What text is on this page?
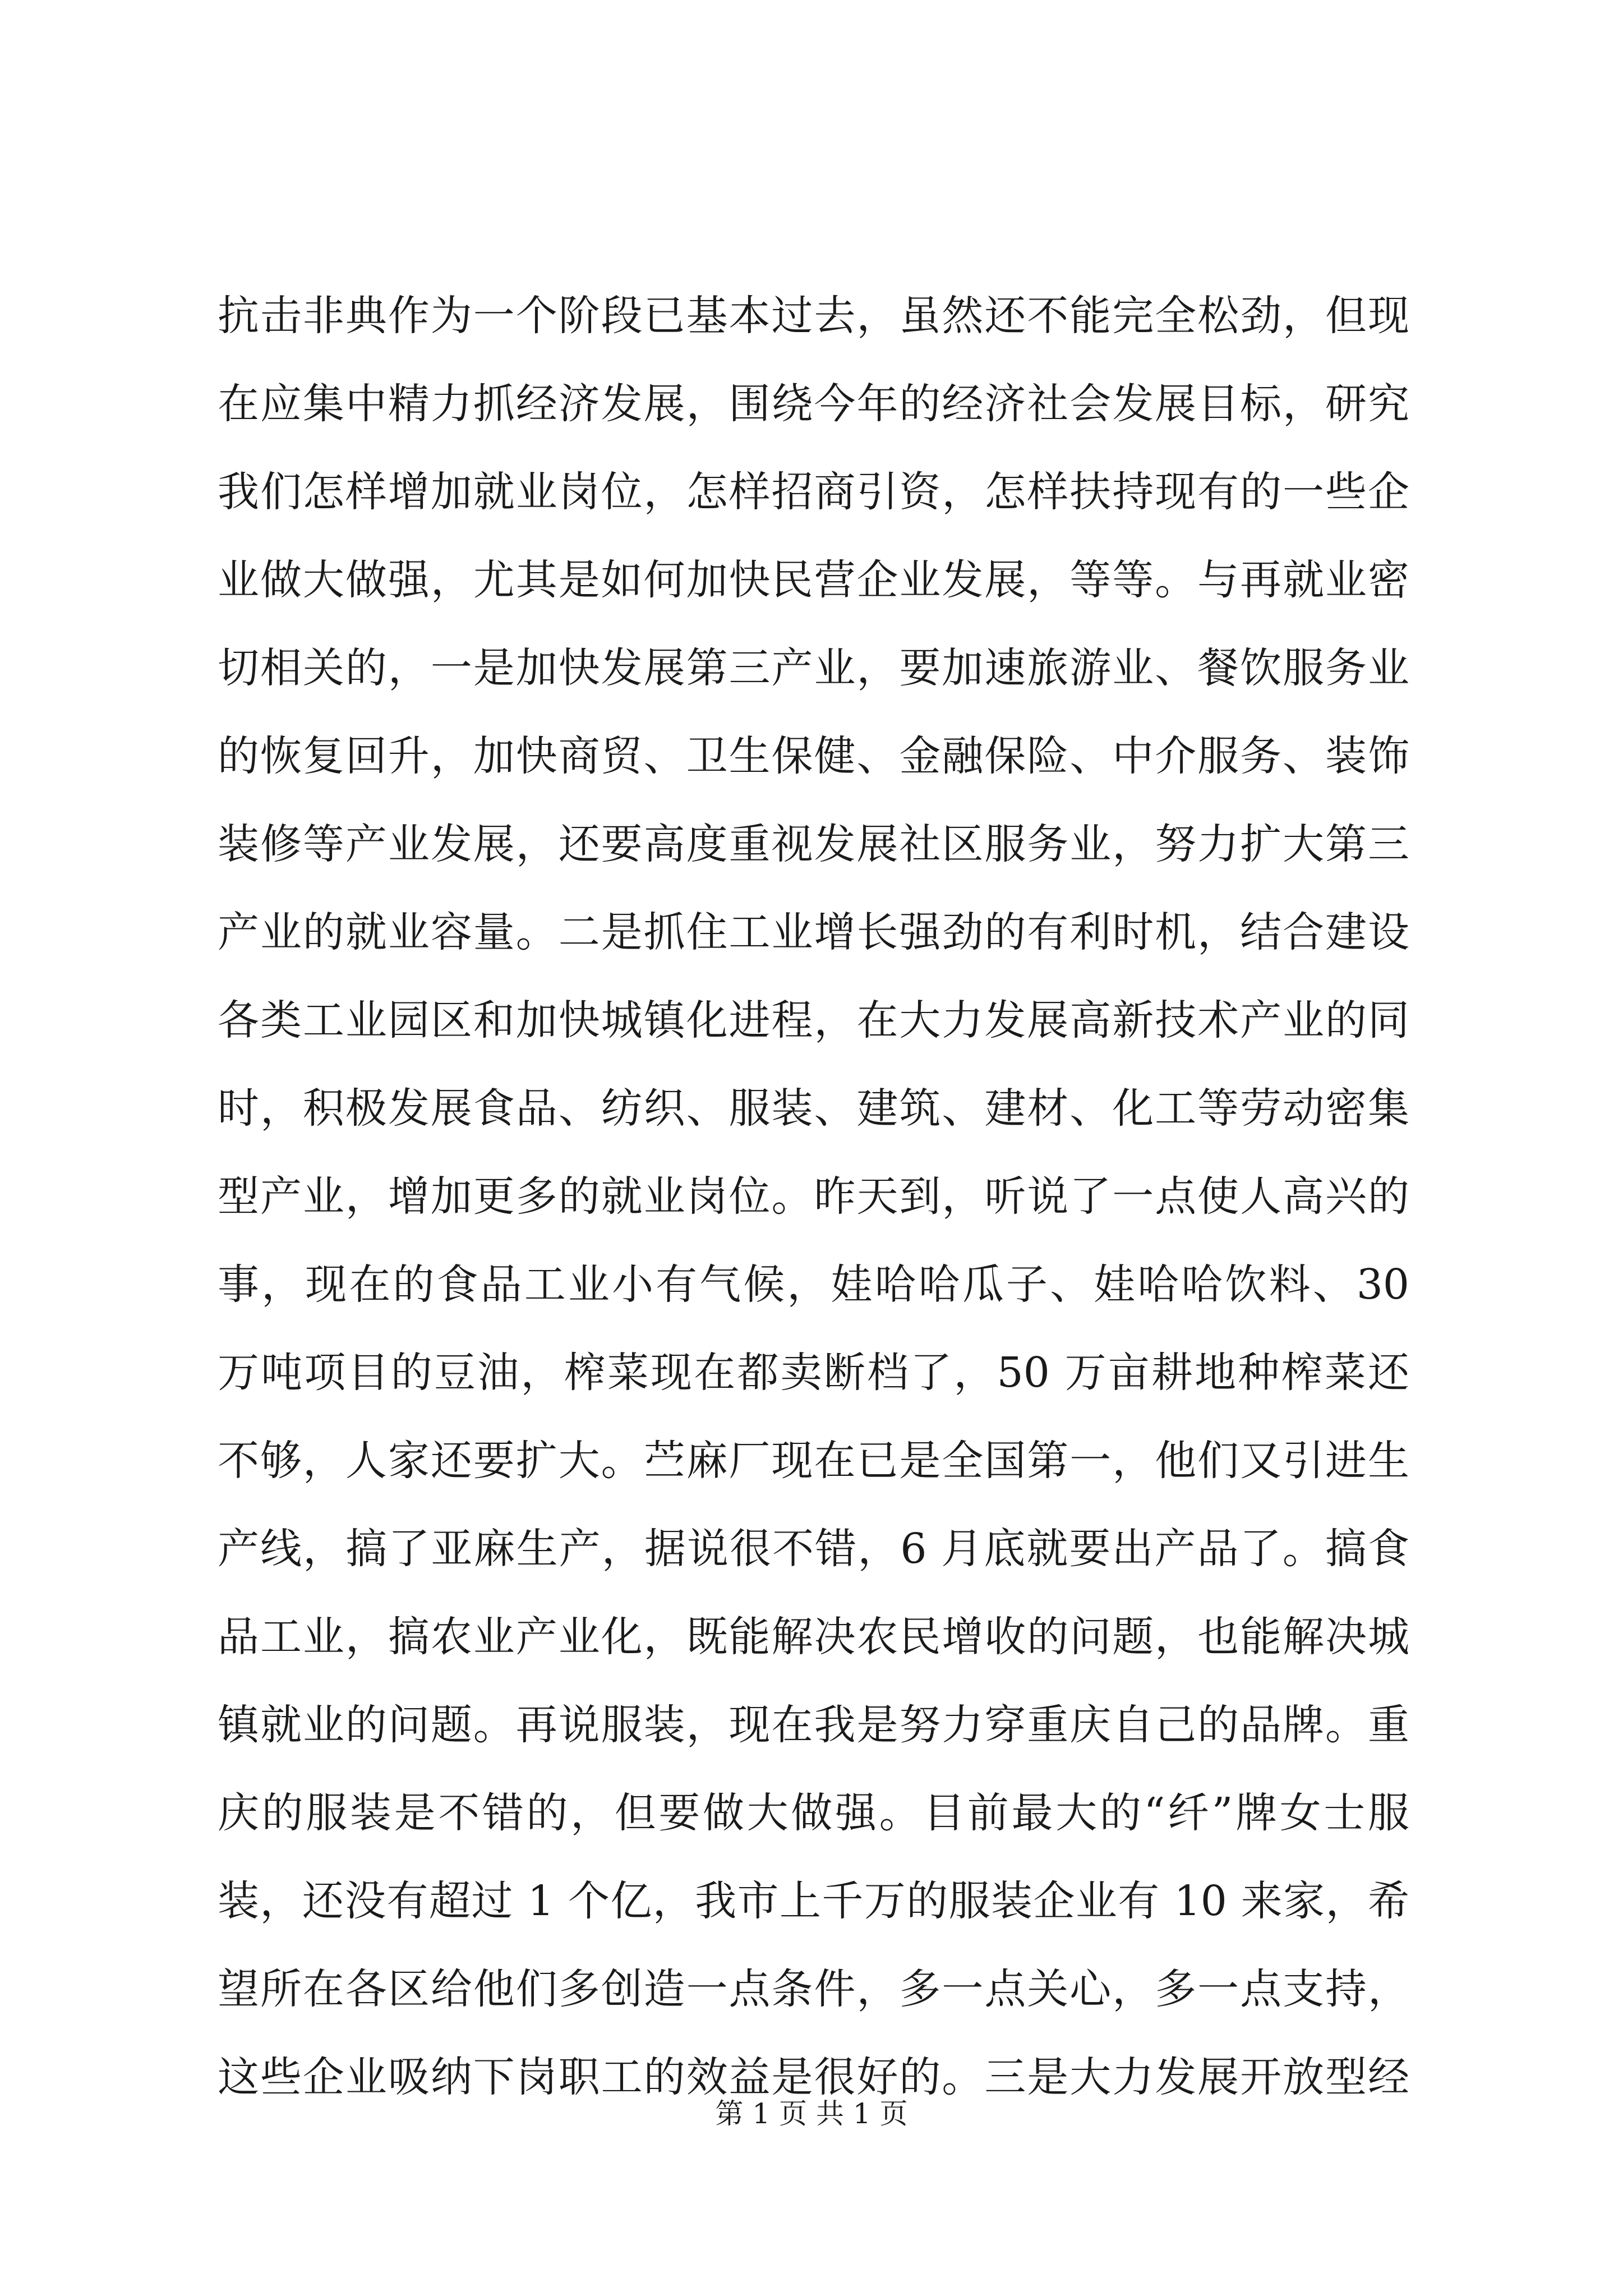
抗击非典作为一个阶段已基本过去，虽然还不能完全松劲，但现
在应集中精力抓经济发展，围绕今年的经济社会发展目标，研究
我们怎样增加就业岗位，怎样招商引资，怎样扶持现有的一些企
业做大做强，尤其是如何加快民营企业发展，等等。与再就业密
切相关的，一是加快发展第三产业，要加速旅游业、餐饮服务业
的恢复回升，加快商贸、卫生保健、金融保险、中介服务、装饰
装修等产业发展，还要高度重视发展社区服务业，努力扩大第三
产业的就业容量。二是抓住工业增长强劲的有利时机，结合建设
各类工业园区和加快城镇化进程，在大力发展高新技术产业的同
时，积极发展食品、纺织、服装、建筑、建材、化工等劳动密集
型产业，增加更多的就业岗位。昨天到，听说了一点使人高兴的
事，现在的食品工业小有气候，娃哈哈瓜子、娃哈哈饮料、30
万吨项目的豆油，榨菜现在都卖断档了，50 万亩耕地种榨菜还
不够，人家还要扩大。苎麻厂现在已是全国第一，他们又引进生
产线，搞了亚麻生产，据说很不错，6 月底就要出产品了。搞食
品工业，搞农业产业化，既能解决农民增收的问题，也能解决城
镇就业的问题。再说服装，现在我是努力穿重庆自己的品牌。重
庆的服装是不错的，但要做大做强。目前最大的“纤”牌女士服
装，还没有超过 1 个亿，我市上千万的服装企业有 10 来家，希
望所在各区给他们多创造一点条件，多一点关心，多一点支持，
这些企业吸纳下岗职工的效益是很好的。三是大力发展开放型经
第 1 页 共 1 页
